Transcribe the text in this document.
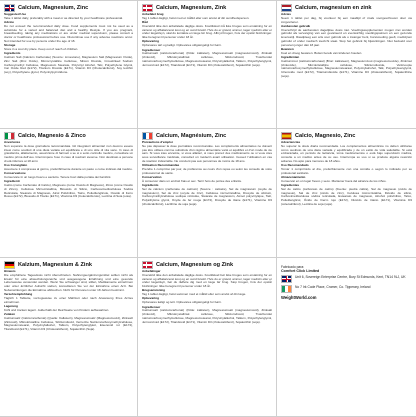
Calcium, Magnesium, Zinc
Suggested Use

Take 1 tablet daily, preferably with a meal or as directed by your healthcare professional.

Advice

Do not exceed the recommended daily dose. Food supplements must not be used as a substitute for a varied and balanced diet and a healthy lifestyle. If you are pregnant, breastfeeding, taking any medications or are under medical supervision, please consult a doctor or healthcare professional before use. Discontinue use if any adverse reactions occur. Not intended for use by persons under the age of 18.

Storage

Store in a cool dry place. Keep out of reach of children.

Ingredients

Calcium Salt (Calcium Carbonate) (Source: Limestone), Magnesium Salt (Magnesium Oxide), Zinc Salt (Zinc Oxide), Microcrystalline Cellulose, Silicon Dioxide, Crosslinked Sodium Carboxymethyl Cellulose, Magnesium Stearate, Polyvinyl Alcohol, Talc, Polyethylene Glycol, Iron Oxide Red (E172), Titanium Dioxide (E171), Vitamin D3 (Cholecalciferol), Soy lecithin (soy), Polyethylene glycol, Polyvinylpyrrolidone.

Calcium, Magnesium, Zink
Anbefalet brug

Tag 1 tablet dagligt, helst med et måltid eller som anvist af din sundhedsperson.

Råd

Overskrid ikke den anbefalede daglige dosis. Kosttilskud må ikke bruges som erstatning for en varieret og afbalanceret kost og en sund livsstil. Hvis du er gravid, ammer, tager medicin eller er under lægetilsyn, skal du kontakte en læge før brug. Afbryd brugen, hvis der opstår bivirkninger. Ikke beregnet til personer under 18 år.

Opbevaring

Opbevares tørt og køligt. Opbevares utilgængeligt for børn.

Ingredienser

Calciumsalt (calciumcarbonat) (Kilde: kalksten), Magnesiumsalt (magnesiumoxid), Zinksalt (zinkoxid), Mikrokrystallinsk cellulose, Siliciumdioxid, Tværbundet natriumcarboxymethylcellulose, Magnesiumstearat, Polyvinylalkohol, Talkum, Polyethylenglycol, Jernoxid rød (E172), Titandioxid (E171), Vitamin D3 (cholecalciferol), Sojalecithin (soja).

Calcium, magnesium en zink
Advies

Neem 1 tablet per dag, bij voorkeur bij een maaltijd of zoals voorgeschreven door uw zorgverlener.

Aanbevolen gebruik

Overschrijd de aanbevolen dagelijkse dosis niet. Voedingssupplementen mogen niet worden gebruikt als vervanging van een gevarieerd en evenwichtig voedingspatroon en een gezonde levensstijl. Raadpleeg een arts voor gebruik als u zwanger bent, borstvoeding geeft, medicijnen gebruikt of onder medisch toezicht staat. Stop het gebruik bij bijwerkingen. Niet bedoeld voor personen jonger dan 18 jaar.

Bewaren

Koel en droog bewaren. Buiten bereik van kinderen houden.

Ingrediënten

Calciumzout (calciumcarbonaat) (Bron: kalksteen), Magnesiumzout (magnesiumoxide), Zinkzout (zinkoxide), Microkristallijne cellulose, Siliciumdioxide, Verknoopte natriumcarboxymethylcellulose, Magnesiumstearaat, Polyvinylalcohol, Talk, Polyethyleenglycol, IJzeroxide rood (E172), Titaniumdioxide (E171), Vitamine D3 (cholecalciferol), Sojalecithine (soja).

Calcio, Magnesio & Zinco
Avvertenze

Non superare la dose giornaliera raccomandata. Gli integratori alimentari non devono essere intesi come sostituti di una dieta variata ed equilibrata e di uno stile di vita sano. In caso di gravidanza, allattamento, assunzione di farmaci o se si è sotto controllo medico, consultare un medico prima dell'uso. Interrompere l'uso in caso di reazioni avverse. Non destinato a persone di età inferiore ai 18 anni.

Uso Consigliato

Assumere 1 compressa al giorno, preferibilmente durante un pasto o come indicato dal medico.

Conservazione

Conservare in un luogo fresco e asciutto. Tenere fuori dalla portata dei bambini.

Ingredienti

Calcio (come Carbonato di Calcio), Magnesio (come Ossido di Magnesio), Zinco (come Ossido di Zinco), Cellulosa Microcristallina, Biossido di Silicio, Carbossimetilcellulosa Sodica Reticolata, Stearato di Magnesio, Alcol Polivinilico, Talco, Polietilenglicole, Ossido di Ferro Rosso (E172), Biossido di Titanio (E171), Vitamina D3 (Colecalciferolo), Lecitina di Soia (soia).

Calcium, Magnésium, Zinc
Précautions d'emploi

Ne pas dépasser la dose journalière recommandée. Les compléments alimentaires ne doivent pas être utilisés comme substituts d'un régime alimentaire varié et équilibré et d'un mode de vie sain. Si vous êtes enceinte, si vous allaitez, si vous prenez des médicaments ou si vous êtes sous surveillance médicale, consultez un médecin avant utilisation. Cessez l'utilisation en cas de réaction indésirable. Ne convient pas aux personnes de moins de 18 ans.

Utilisation Recommandée

Prendre 1 comprimé par jour, de préférence au cours d'un repas ou selon les conseils de votre professionnel de santé.

Conservation

À conserver dans un endroit frais et sec. Tenir hors de portée des enfants.

Ingrédients

Sel de calcium (carbonate de calcium) (Source : calcaire), Sel de magnésium (oxyde de magnésium), Sel de zinc (oxyde de zinc), Cellulose microcristalline, Dioxyde de silicium, Carboxyméthylcellulose sodique réticulée, Stéarate de magnésium, Alcool polyvinylique, Talc, Polyéthylène glycol, Oxyde de fer rouge (E172), Dioxyde de titane (E171), Vitamine D3 (cholécalciférol), Lécithine de soja (soja).

Calcio, Magnesio, Zinc
Advertencias

No superar la dosis diaria recomendada. Los complementos alimenticios no deben utilizarse como sustituto de una dieta variada y equilibrada y de un estilo de vida saludable. Si está embarazada, en período de lactancia, toma medicamentos o está bajo supervisión médica, consulte a un médico antes de su uso. Interrumpa su uso si se produce alguna reacción adversa. No apto para menores de 18 años.

Uso Recomendado

Tomar 1 comprimido al día, preferiblemente con una comida o según lo indicado por su profesional sanitario.

Almacenamiento

Conservar en un lugar fresco y seco. Mantener fuera del alcance de los niños.

Ingredientes

Sal de calcio (carbonato de calcio) (Fuente: piedra caliza), Sal de magnesio (óxido de magnesio), Sal de zinc (óxido de zinc), Celulosa microcristalina, Dióxido de silicio, Carboximetilcelulosa sódica reticulada, Estearato de magnesio, Alcohol polivinílico, Talco, Polietilenglicol, Óxido de hierro rojo (E172), Dióxido de titanio (E171), Vitamina D3 (colecalciferol), Lecitina de soja (soja).

Kalzium, Magnesium & Zink
Hinweis

Die empfohlene Tagesdosis nicht überschreiten. Nahrungsergänzungsmittel sollten nicht als Ersatz für eine abwechslungsreiche und ausgewogene Ernährung und eine gesunde Lebensweise verwendet werden. Wenn Sie schwanger sind, stillen, Medikamente einnehmen oder unter ärztlicher Aufsicht stehen, konsultieren Sie vor der Einnahme einen Arzt. Bei Nebenwirkungen die Einnahme abbrechen. Nicht für Personen unter 18 Jahren bestimmt.

Verzehrempfehlung

Täglich 1 Tablette, vorzugsweise zu einer Mahlzeit oder nach Anweisung Ihres Arztes einnehmen.

Lagerung

Kühl und trocken lagern. Außerhalb der Reichweite von Kindern aufbewahren.

Zutaten

Calciumsalz (Calciumcarbonat) (Quelle: Kalkstein), Magnesiumsalz (Magnesiumoxid), Zinksalz (Zinkoxid), Mikrokristalline Cellulose, Siliziumdioxid, Vernetzte Natriumcarboxymethylcellulose, Magnesiumstearat, Polyvinylalkohol, Talkum, Polyethylenglykol, Eisenoxid rot (E172), Titandioxid (E171), Vitamin D3 (Cholecalciferol), Sojalecithin (Soja).

Calcium, Magnesium og Zink
Anbefalinger

Overskrid ikke den anbefalede daglige dosis. Kosttilskud bør ikke bruges som erstatning for en varieret og afbalanceret kost og en sund livsstil. Hvis du er gravid, ammer, tager medicin eller er under lægetilsyn, bør du rådføre dig med en læge før brug. Stop brugen, hvis der opstår bivirkninger. Ikke beregnet til personer under 18 år.

Brugsanvisning

Tag 1 tablet dagligt, helst sammen med et måltid eller som anvist af din læge.

Opbevaring

Opbevares køligt og tørt. Opbevares utilgængeligt for børn.

Ingredienser

Calciumsalt (calciumcarbonat) (Kilde: kalksten), Magnesiumsalt (magnesiumoxid), Zinksalt (zinkoxid), Mikrokrystallinsk cellulose, Siliciumdioxid, Tværbundet natriumcarboxymethylcellulose, Magnesiumstearat, Polyvinylalkohol, Talkum, Polyethylenglycol, Jernoxid rød (E172), Titandioxid (E171), Vitamin D3 (cholecalciferol), Sojalecithin (soja).

Fabricado para:
Comfort Click Limited
Unit 6, Sovereign Enterprise Centre, Bury St Edmunds, Kent, TN14 9LJ, UK
No 7 Irk Code Place, Cromer, Co. Tipperary, Ireland
WeightWorld.com
